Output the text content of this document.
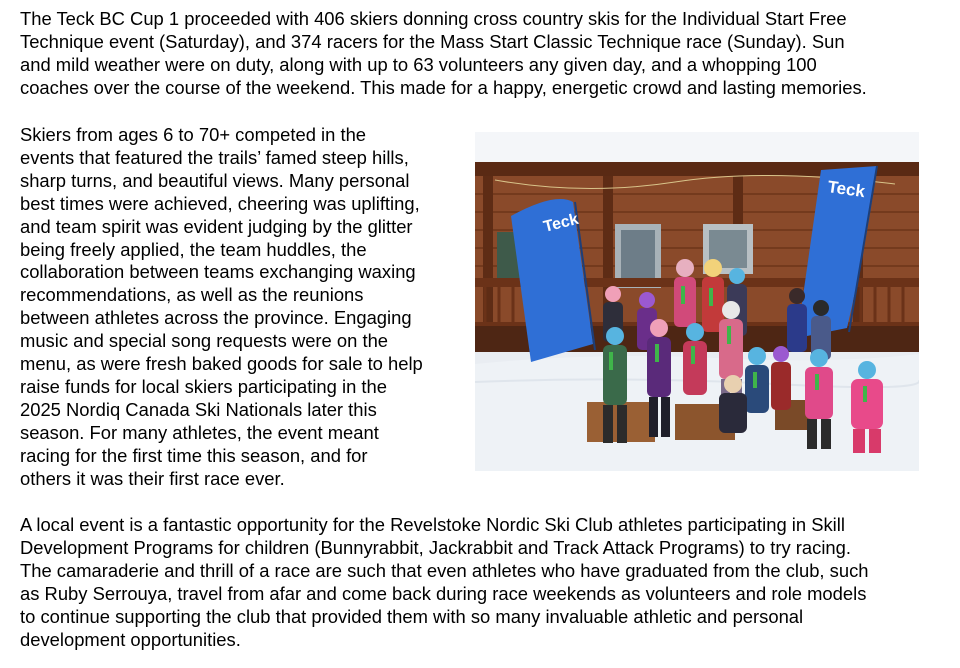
The Teck BC Cup 1 proceeded with 406 skiers donning cross country skis for the Individual Start Free
Technique event (Saturday), and 374 racers for the Mass Start Classic Technique race (Sunday). Sun
and mild weather were on duty, along with up to 63 volunteers any given day, and a whopping 100
coaches over the course of the weekend. This made for a happy, energetic crowd and lasting memories.

Skiers from ages 6 to 70+ competed in the
events that featured the trails’ famed steep hills,
sharp turns, and beautiful views. Many personal
best times were achieved, cheering was uplifting,
and team spirit was evident judging by the glitter
being freely applied, the team huddles, the
collaboration between teams exchanging waxing
recommendations, as well as the reunions
between athletes across the province. Engaging
music and special song requests were on the
menu, as were fresh baked goods for sale to help
raise funds for local skiers participating in the
2025 Nordiq Canada Ski Nationals later this
season. For many athletes, the event meant
racing for the first time this season, and for
others it was their first race ever.

Teck
Teck

A local event is a fantastic opportunity for the Revelstoke Nordic Ski Club athletes participating in Skill
Development Programs for children (Bunnyrabbit, Jackrabbit and Track Attack Programs) to try racing.
The camaraderie and thrill of a race are such that even athletes who have graduated from the club, such
as Ruby Serrouya, travel from afar and come back during race weekends as volunteers and role models
to continue supporting the club that provided them with so many invaluable athletic and personal
development opportunities.
